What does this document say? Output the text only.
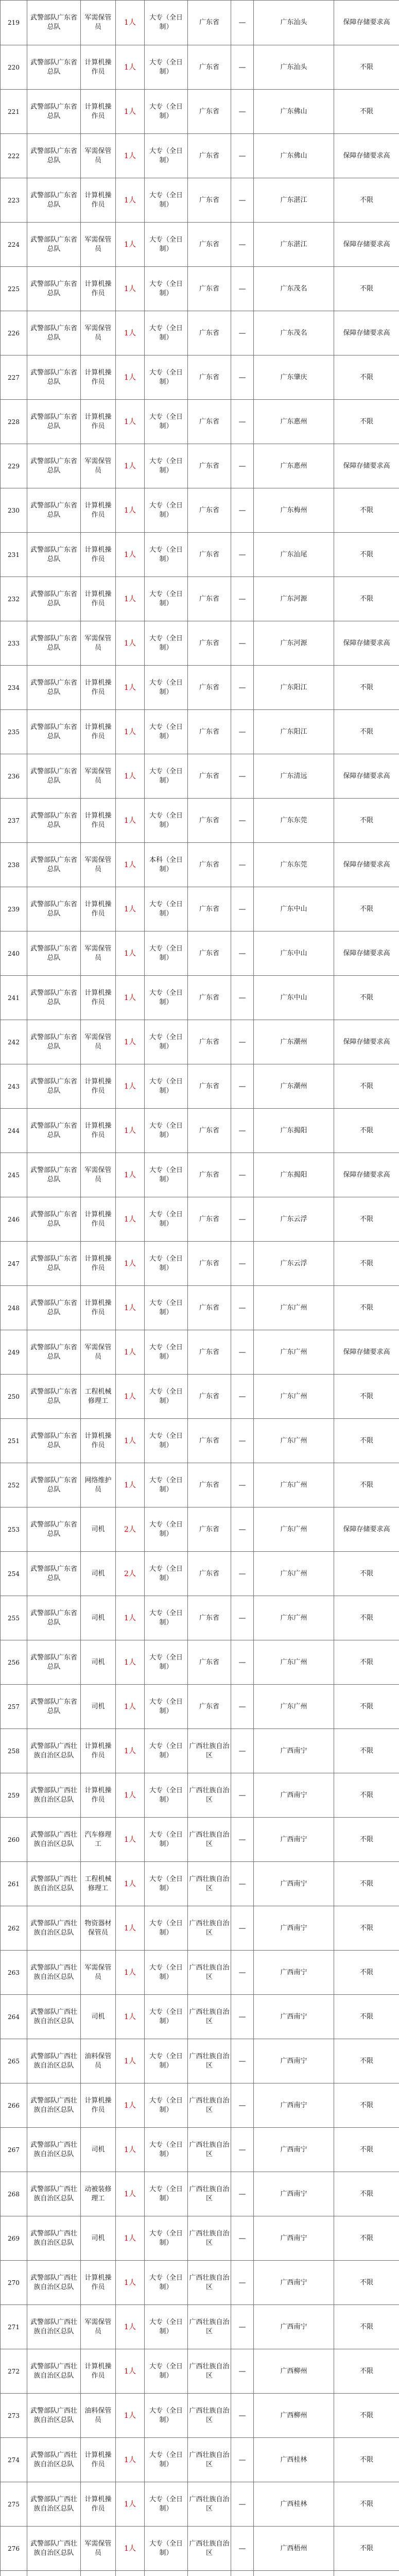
219	武警部队广东省总队	军需保管员	1人	大专（全日制）	广东省	—	广东汕头	保障存储要求高
220	武警部队广东省总队	计算机操作员	1人	大专（全日制）	广东省	—	广东汕头	不限
221	武警部队广东省总队	计算机操作员	1人	大专（全日制）	广东省	—	广东佛山	不限
222	武警部队广东省总队	军需保管员	1人	大专（全日制）	广东省	—	广东佛山	保障存储要求高
223	武警部队广东省总队	计算机操作员	1人	大专（全日制）	广东省	—	广东湛江	不限
224	武警部队广东省总队	军需保管员	1人	大专（全日制）	广东省	—	广东湛江	保障存储要求高
225	武警部队广东省总队	计算机操作员	1人	大专（全日制）	广东省	—	广东茂名	不限
226	武警部队广东省总队	军需保管员	1人	大专（全日制）	广东省	—	广东茂名	保障存储要求高
227	武警部队广东省总队	计算机操作员	1人	大专（全日制）	广东省	—	广东肇庆	不限
228	武警部队广东省总队	计算机操作员	1人	大专（全日制）	广东省	—	广东惠州	不限
229	武警部队广东省总队	军需保管员	1人	大专（全日制）	广东省	—	广东惠州	保障存储要求高
230	武警部队广东省总队	计算机操作员	1人	大专（全日制）	广东省	—	广东梅州	不限
231	武警部队广东省总队	计算机操作员	1人	大专（全日制）	广东省	—	广东汕尾	不限
232	武警部队广东省总队	计算机操作员	1人	大专（全日制）	广东省	—	广东河源	不限
233	武警部队广东省总队	军需保管员	1人	大专（全日制）	广东省	—	广东河源	保障存储要求高
234	武警部队广东省总队	计算机操作员	1人	大专（全日制）	广东省	—	广东阳江	不限
235	武警部队广东省总队	计算机操作员	1人	大专（全日制）	广东省	—	广东阳江	不限
236	武警部队广东省总队	军需保管员	1人	大专（全日制）	广东省	—	广东清远	保障存储要求高
237	武警部队广东省总队	计算机操作员	1人	大专（全日制）	广东省	—	广东东莞	不限
238	武警部队广东省总队	军需保管员	1人	本科（全日制）	广东省	—	广东东莞	保障存储要求高
239	武警部队广东省总队	计算机操作员	1人	大专（全日制）	广东省	—	广东中山	不限
240	武警部队广东省总队	军需保管员	1人	大专（全日制）	广东省	—	广东中山	保障存储要求高
241	武警部队广东省总队	计算机操作员	1人	大专（全日制）	广东省	—	广东中山	不限
242	武警部队广东省总队	军需保管员	1人	大专（全日制）	广东省	—	广东潮州	保障存储要求高
243	武警部队广东省总队	计算机操作员	1人	大专（全日制）	广东省	—	广东潮州	不限
244	武警部队广东省总队	计算机操作员	1人	大专（全日制）	广东省	—	广东揭阳	不限
245	武警部队广东省总队	军需保管员	1人	大专（全日制）	广东省	—	广东揭阳	保障存储要求高
246	武警部队广东省总队	计算机操作员	1人	大专（全日制）	广东省	—	广东云浮	不限
247	武警部队广东省总队	计算机操作员	1人	大专（全日制）	广东省	—	广东云浮	不限
248	武警部队广东省总队	计算机操作员	1人	大专（全日制）	广东省	—	广东广州	不限
249	武警部队广东省总队	军需保管员	1人	大专（全日制）	广东省	—	广东广州	保障存储要求高
250	武警部队广东省总队	工程机械修理工	1人	大专（全日制）	广东省	—	广东广州	不限
251	武警部队广东省总队	计算机操作员	1人	大专（全日制）	广东省	—	广东广州	不限
252	武警部队广东省总队	网络维护员	1人	大专（全日制）	广东省	—	广东广州	不限
253	武警部队广东省总队	司机	2人	大专（全日制）	广东省	—	广东广州	保障存储要求高
254	武警部队广东省总队	司机	2人	大专（全日制）	广东省	—	广东广州	不限
255	武警部队广东省总队	司机	1人	大专（全日制）	广东省	—	广东广州	不限
256	武警部队广东省总队	司机	1人	大专（全日制）	广东省	—	广东广州	不限
257	武警部队广东省总队	司机	1人	大专（全日制）	广东省	—	广东广州	不限
258	武警部队广西壮族自治区总队	计算机操作员	1人	大专（全日制）	广西壮族自治区	—	广西南宁	不限
259	武警部队广西壮族自治区总队	计算机操作员	1人	大专（全日制）	广西壮族自治区	—	广西南宁	不限
260	武警部队广西壮族自治区总队	汽车修理工	1人	大专（全日制）	广西壮族自治区	—	广西南宁	不限
261	武警部队广西壮族自治区总队	工程机械修理工	1人	大专（全日制）	广西壮族自治区	—	广西南宁	不限
262	武警部队广西壮族自治区总队	物资器材保管员	1人	大专（全日制）	广西壮族自治区	—	广西南宁	不限
263	武警部队广西壮族自治区总队	军需保管员	1人	大专（全日制）	广西壮族自治区	—	广西南宁	不限
264	武警部队广西壮族自治区总队	司机	1人	大专（全日制）	广西壮族自治区	—	广西南宁	不限
265	武警部队广西壮族自治区总队	油料保管员	1人	大专（全日制）	广西壮族自治区	—	广西南宁	不限
266	武警部队广西壮族自治区总队	计算机操作员	1人	大专（全日制）	广西壮族自治区	—	广西南宁	不限
267	武警部队广西壮族自治区总队	司机	1人	大专（全日制）	广西壮族自治区	—	广西南宁	不限
268	武警部队广西壮族自治区总队	动被装修理工	1人	大专（全日制）	广西壮族自治区	—	广西南宁	不限
269	武警部队广西壮族自治区总队	司机	1人	大专（全日制）	广西壮族自治区	—	广西南宁	不限
270	武警部队广西壮族自治区总队	计算机操作员	1人	大专（全日制）	广西壮族自治区	—	广西南宁	不限
271	武警部队广西壮族自治区总队	军需保管员	1人	大专（全日制）	广西壮族自治区	—	广西南宁	不限
272	武警部队广西壮族自治区总队	计算机操作员	1人	大专（全日制）	广西壮族自治区	—	广西柳州	不限
273	武警部队广西壮族自治区总队	油料保管员	1人	大专（全日制）	广西壮族自治区	—	广西柳州	不限
274	武警部队广西壮族自治区总队	计算机操作员	1人	大专（全日制）	广西壮族自治区	—	广西桂林	不限
275	武警部队广西壮族自治区总队	计算机操作员	1人	大专（全日制）	广西壮族自治区	—	广西桂林	不限
276	武警部队广西壮族自治区总队	军需保管员	1人	大专（全日制）	广西壮族自治区	—	广西梧州	不限
